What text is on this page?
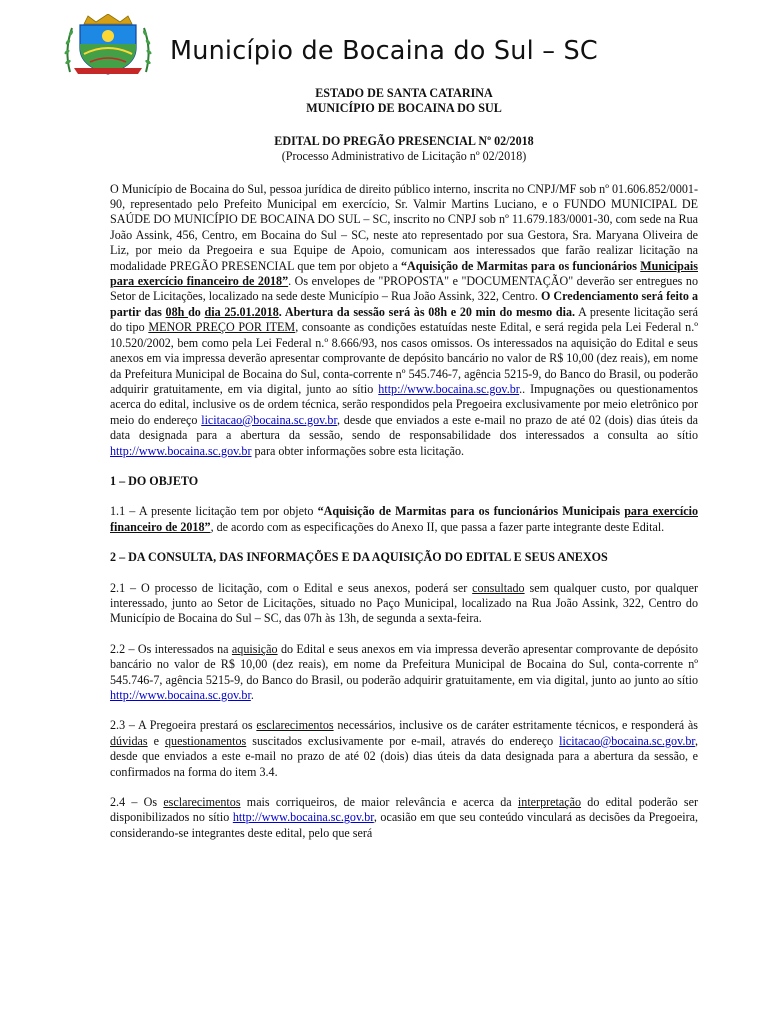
Município de Bocaina do Sul – SC
ESTADO DE SANTA CATARINA
MUNICÍPIO DE BOCAINA DO SUL
EDITAL DO PREGÃO PRESENCIAL Nº 02/2018
(Processo Administrativo de Licitação nº 02/2018)

O Município de Bocaina do Sul, pessoa jurídica de direito público interno, inscrita no CNPJ/MF sob nº 01.606.852/0001-90, representado pelo Prefeito Municipal em exercício, Sr. Valmir Martins Luciano, e o FUNDO MUNICIPAL DE SAÚDE DO MUNICÍPIO DE BOCAINA DO SUL – SC, inscrito no CNPJ sob nº 11.679.183/0001-30, com sede na Rua João Assink, 456, Centro, em Bocaina do Sul – SC, neste ato representado por sua Gestora, Sra. Maryana Oliveira de Liz, por meio da Pregoeira e sua Equipe de Apoio, comunicam aos interessados que farão realizar licitação na modalidade PREGÃO PRESENCIAL que tem por objeto a “Aquisição de Marmitas para os funcionários Municipais para exercício financeiro de 2018”. Os envelopes de "PROPOSTA" e "DOCUMENTAÇÃO" deverão ser entregues no Setor de Licitações, localizado na sede deste Município – Rua João Assink, 322, Centro. O Credenciamento será feito a partir das 08h do dia 25.01.2018. Abertura da sessão será às 08h e 20 min do mesmo dia. A presente licitação será do tipo MENOR PREÇO POR ITEM, consoante as condições estatuídas neste Edital, e será regida pela Lei Federal n.º 10.520/2002, bem como pela Lei Federal n.º 8.666/93, nos casos omissos. Os interessados na aquisição do Edital e seus anexos em via impressa deverão apresentar comprovante de depósito bancário no valor de R$ 10,00 (dez reais), em nome da Prefeitura Municipal de Bocaina do Sul, conta-corrente nº 545.746-7, agência 5215-9, do Banco do Brasil, ou poderão adquirir gratuitamente, em via digital, junto ao sítio http://www.bocaina.sc.gov.br.. Impugnações ou questionamentos acerca do edital, inclusive os de ordem técnica, serão respondidos pela Pregoeira exclusivamente por meio eletrônico por meio do endereço licitacao@bocaina.sc.gov.br, desde que enviados a este e-mail no prazo de até 02 (dois) dias úteis da data designada para a abertura da sessão, sendo de responsabilidade dos interessados a consulta ao sítio http://www.bocaina.sc.gov.br para obter informações sobre esta licitação.

1 – DO OBJETO

1.1 – A presente licitação tem por objeto “Aquisição de Marmitas para os funcionários Municipais para exercício financeiro de 2018”, de acordo com as especificações do Anexo II, que passa a fazer parte integrante deste Edital.

2 – DA CONSULTA, DAS INFORMAÇÕES E DA AQUISIÇÃO DO EDITAL E SEUS ANEXOS

2.1 – O processo de licitação, com o Edital e seus anexos, poderá ser consultado sem qualquer custo, por qualquer interessado, junto ao Setor de Licitações, situado no Paço Municipal, localizado na Rua João Assink, 322, Centro do Município de Bocaina do Sul – SC, das 07h às 13h, de segunda a sexta-feira.

2.2 – Os interessados na aquisição do Edital e seus anexos em via impressa deverão apresentar comprovante de depósito bancário no valor de R$ 10,00 (dez reais), em nome da Prefeitura Municipal de Bocaina do Sul, conta-corrente nº 545.746-7, agência 5215-9, do Banco do Brasil, ou poderão adquirir gratuitamente, em via digital, junto ao junto ao sítio http://www.bocaina.sc.gov.br.

2.3 – A Pregoeira prestará os esclarecimentos necessários, inclusive os de caráter estritamente técnicos, e responderá às dúvidas e questionamentos suscitados exclusivamente por e-mail, através do endereço licitacao@bocaina.sc.gov.br, desde que enviados a este e-mail no prazo de até 02 (dois) dias úteis da data designada para a abertura da sessão, e confirmados na forma do item 3.4.

2.4 – Os esclarecimentos mais corriqueiros, de maior relevância e acerca da interpretação do edital poderão ser disponibilizados no sítio http://www.bocaina.sc.gov.br, ocasião em que seu conteúdo vinculará as decisões da Pregoeira, considerando-se integrantes deste edital, pelo que será
